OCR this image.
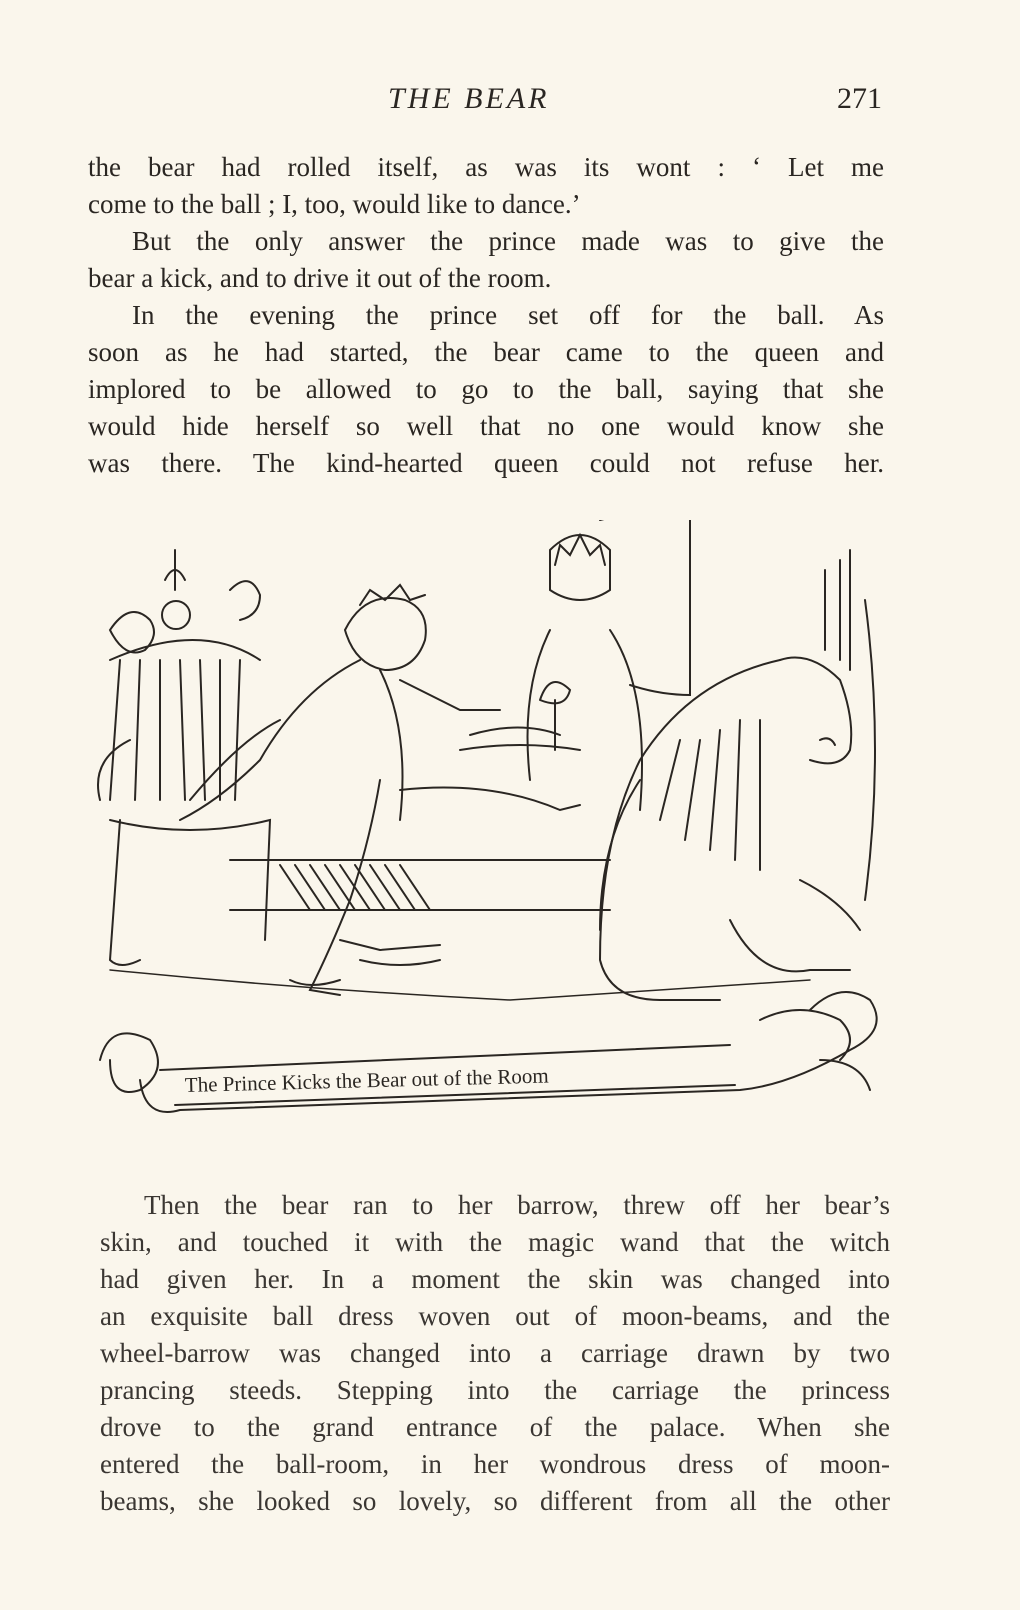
THE BEAR	271
the bear had rolled itself, as was its wont : ‘ Let me
come to the ball ; I, too, would like to dance.’
But the only answer the prince made was to give the
bear a kick, and to drive it out of the room.
In the evening the prince set off for the ball. As
soon as he had started, the bear came to the queen and
implored to be allowed to go to the ball, saying that she
would hide herself so well that no one would know she
was there. The kind-hearted queen could not refuse her.
The Prince Kicks the Bear out of the Room
Then the bear ran to her barrow, threw off her bear’s
skin, and touched it with the magic wand that the witch
had given her. In a moment the skin was changed into
an exquisite ball dress woven out of moon-beams, and the
wheel-barrow was changed into a carriage drawn by two
prancing steeds. Stepping into the carriage the princess
drove to the grand entrance of the palace. When she
entered the ball-room, in her wondrous dress of moon-
beams, she looked so lovely, so different from all the other
